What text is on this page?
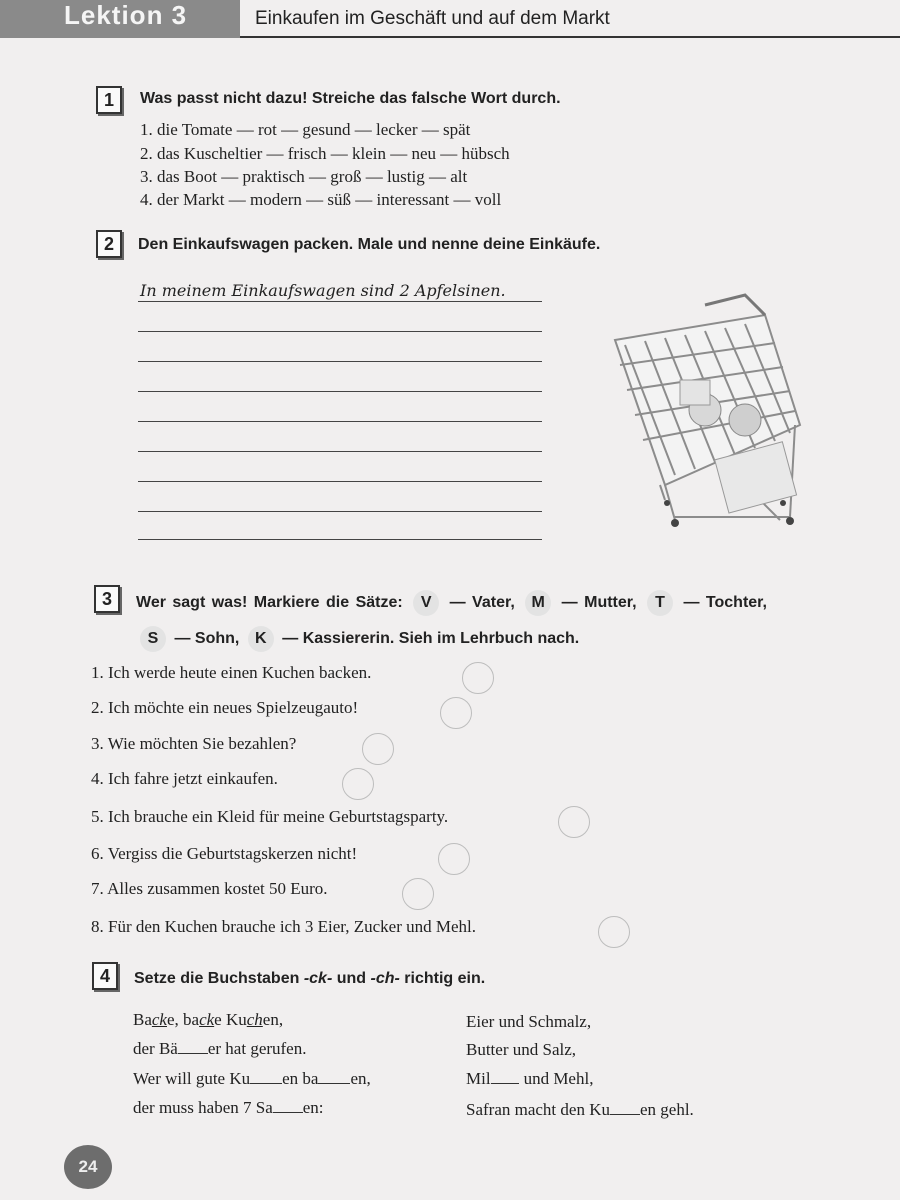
Lektion 3	Einkaufen im Geschäft und auf dem Markt
1	Was passt nicht dazu! Streiche das falsche Wort durch.
1. die Tomate — rot — gesund — lecker — spät
2. das Kuscheltier — frisch — klein — neu — hübsch
3. das Boot — praktisch — groß — lustig — alt
4. der Markt — modern — süß — interessant — voll
2	Den Einkaufswagen packen. Male und nenne deine Einkäufe.
In meinem Einkaufswagen sind 2 Apfelsinen.
3	Wer sagt was! Markiere die Sätze: V — Vater, M — Mutter, T — Tochter,
S — Sohn, K — Kassiererin. Sieh im Lehrbuch nach.
1. Ich werde heute einen Kuchen backen.
2. Ich möchte ein neues Spielzeugauto!
3. Wie möchten Sie bezahlen?
4. Ich fahre jetzt einkaufen.
5. Ich brauche ein Kleid für meine Geburtstagsparty.
6. Vergiss die Geburtstagskerzen nicht!
7. Alles zusammen kostet 50 Euro.
8. Für den Kuchen brauche ich 3 Eier, Zucker und Mehl.
4	Setze die Buchstaben -ck- und -ch- richtig ein.
Backe, backe Kuchen,
der Bä er hat gerufen.
Wer will gute Ku en ba en,
der muss haben 7 Sa en:
Eier und Schmalz,
Butter und Salz,
Mil und Mehl,
Safran macht den Ku en gehl.
24
